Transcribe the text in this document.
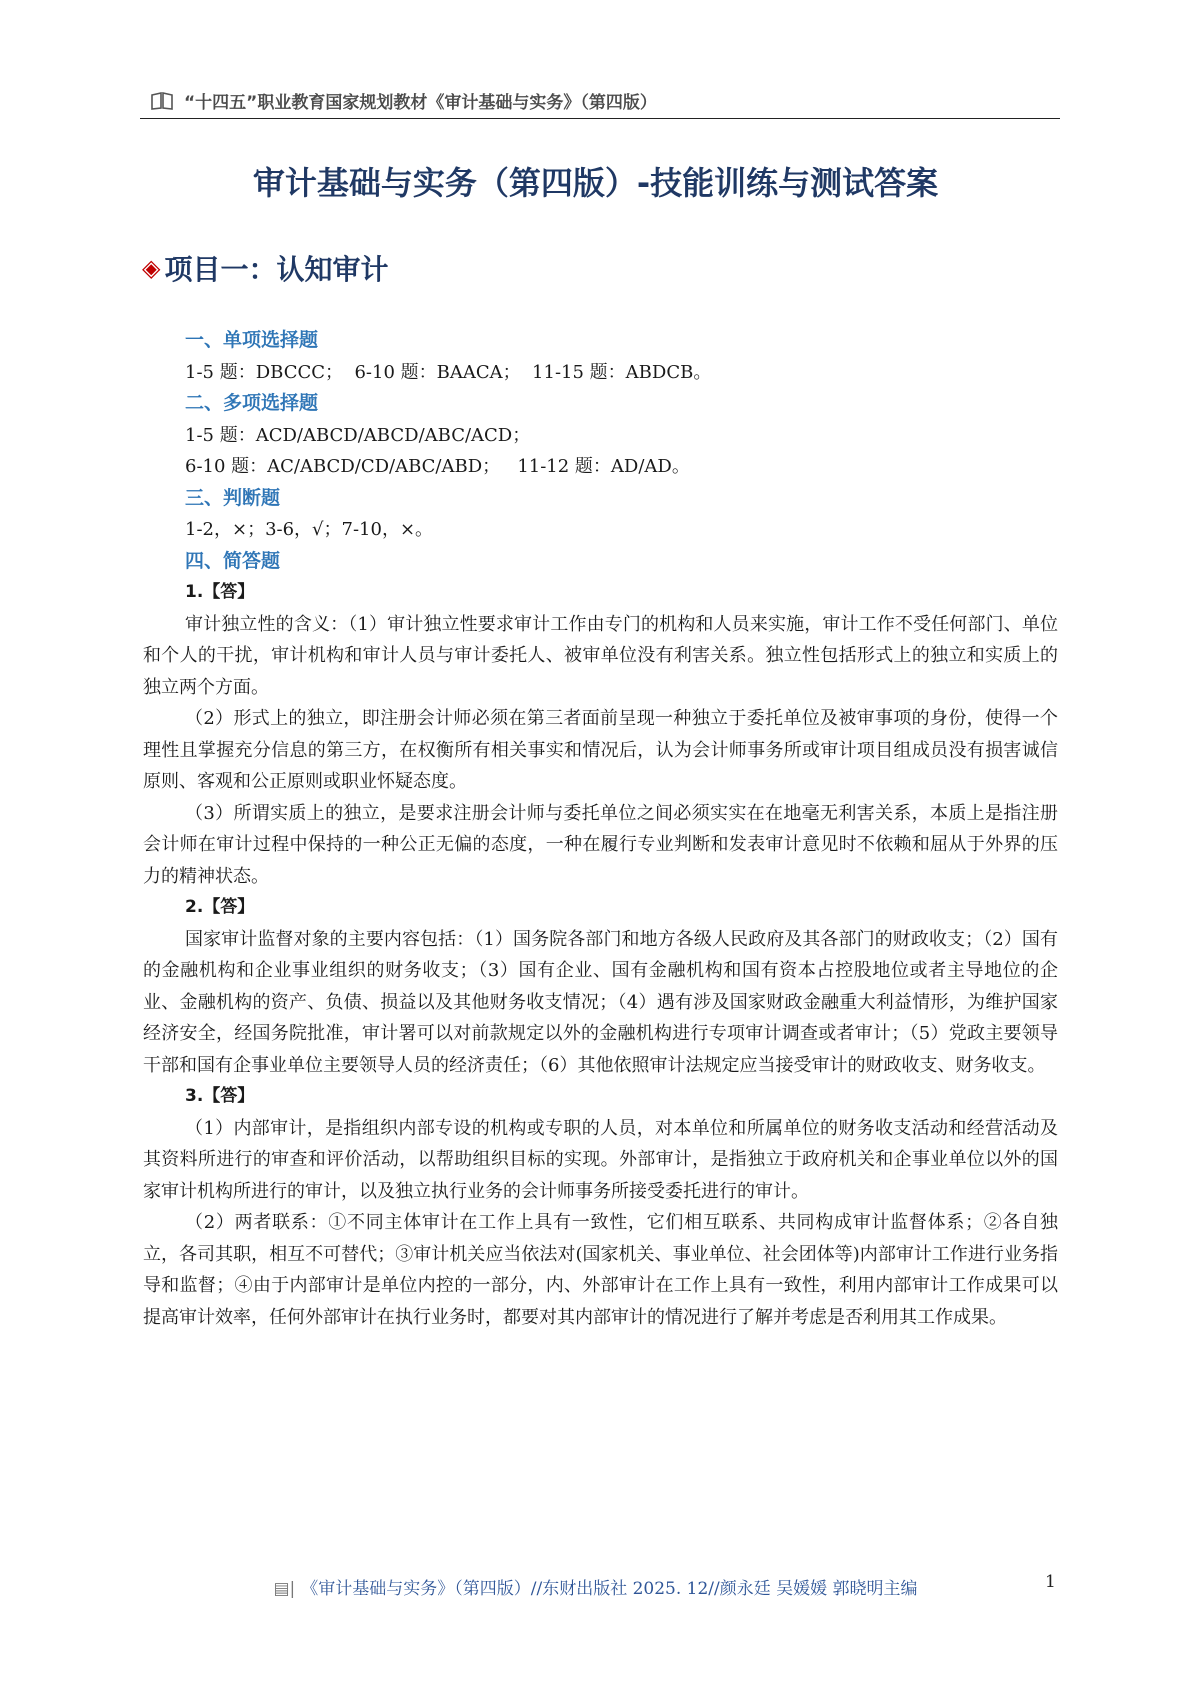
“十四五”职业教育国家规划教材《审计基础与实务》（第四版）
审计基础与实务（第四版）-技能训练与测试答案
◈ 项目一：认知审计
一、单项选择题
1-5 题：DBCCC；  6-10 题：BAACA；  11-15 题：ABDCB。
二、多项选择题
1-5 题：ACD/ABCD/ABCD/ABC/ACD；
6-10 题：AC/ABCD/CD/ABC/ABD；   11-12 题：AD/AD。
三、判断题
1-2，×；3-6，√；7-10，×。
四、简答题
1.【答】
审计独立性的含义：（1）审计独立性要求审计工作由专门的机构和人员来实施，审计工作不受任何部门、单位和个人的干扰，审计机构和审计人员与审计委托人、被审单位没有利害关系。独立性包括形式上的独立和实质上的独立两个方面。
（2）形式上的独立，即注册会计师必须在第三者面前呈现一种独立于委托单位及被审事项的身份，使得一个理性且掌握充分信息的第三方，在权衡所有相关事实和情况后，认为会计师事务所或审计项目组成员没有损害诚信原则、客观和公正原则或职业怀疑态度。
（3）所谓实质上的独立，是要求注册会计师与委托单位之间必须实实在在地毫无利害关系，本质上是指注册会计师在审计过程中保持的一种公正无偏的态度，一种在履行专业判断和发表审计意见时不依赖和屈从于外界的压力的精神状态。
2.【答】
国家审计监督对象的主要内容包括：（1）国务院各部门和地方各级人民政府及其各部门的财政收支；（2）国有的金融机构和企业事业组织的财务收支；（3）国有企业、国有金融机构和国有资本占控股地位或者主导地位的企业、金融机构的资产、负债、损益以及其他财务收支情况；（4）遇有涉及国家财政金融重大利益情形，为维护国家经济安全，经国务院批准，审计署可以对前款规定以外的金融机构进行专项审计调查或者审计；（5）党政主要领导干部和国有企事业单位主要领导人员的经济责任；（6）其他依照审计法规定应当接受审计的财政收支、财务收支。
3.【答】
（1）内部审计，是指组织内部专设的机构或专职的人员，对本单位和所属单位的财务收支活动和经营活动及其资料所进行的审查和评价活动，以帮助组织目标的实现。外部审计，是指独立于政府机关和企事业单位以外的国家审计机构所进行的审计，以及独立执行业务的会计师事务所接受委托进行的审计。
（2）两者联系：①不同主体审计在工作上具有一致性，它们相互联系、共同构成审计监督体系；②各自独立，各司其职，相互不可替代；③审计机关应当依法对(国家机关、事业单位、社会团体等)内部审计工作进行业务指导和监督；④由于内部审计是单位内控的一部分，内、外部审计在工作上具有一致性，利用内部审计工作成果可以提高审计效率，任何外部审计在执行业务时，都要对其内部审计的情况进行了解并考虑是否利用其工作成果。
▤| 《审计基础与实务》（第四版）//东财出版社 2025. 12//颜永廷 吴媛媛 郭晓明主编	1
